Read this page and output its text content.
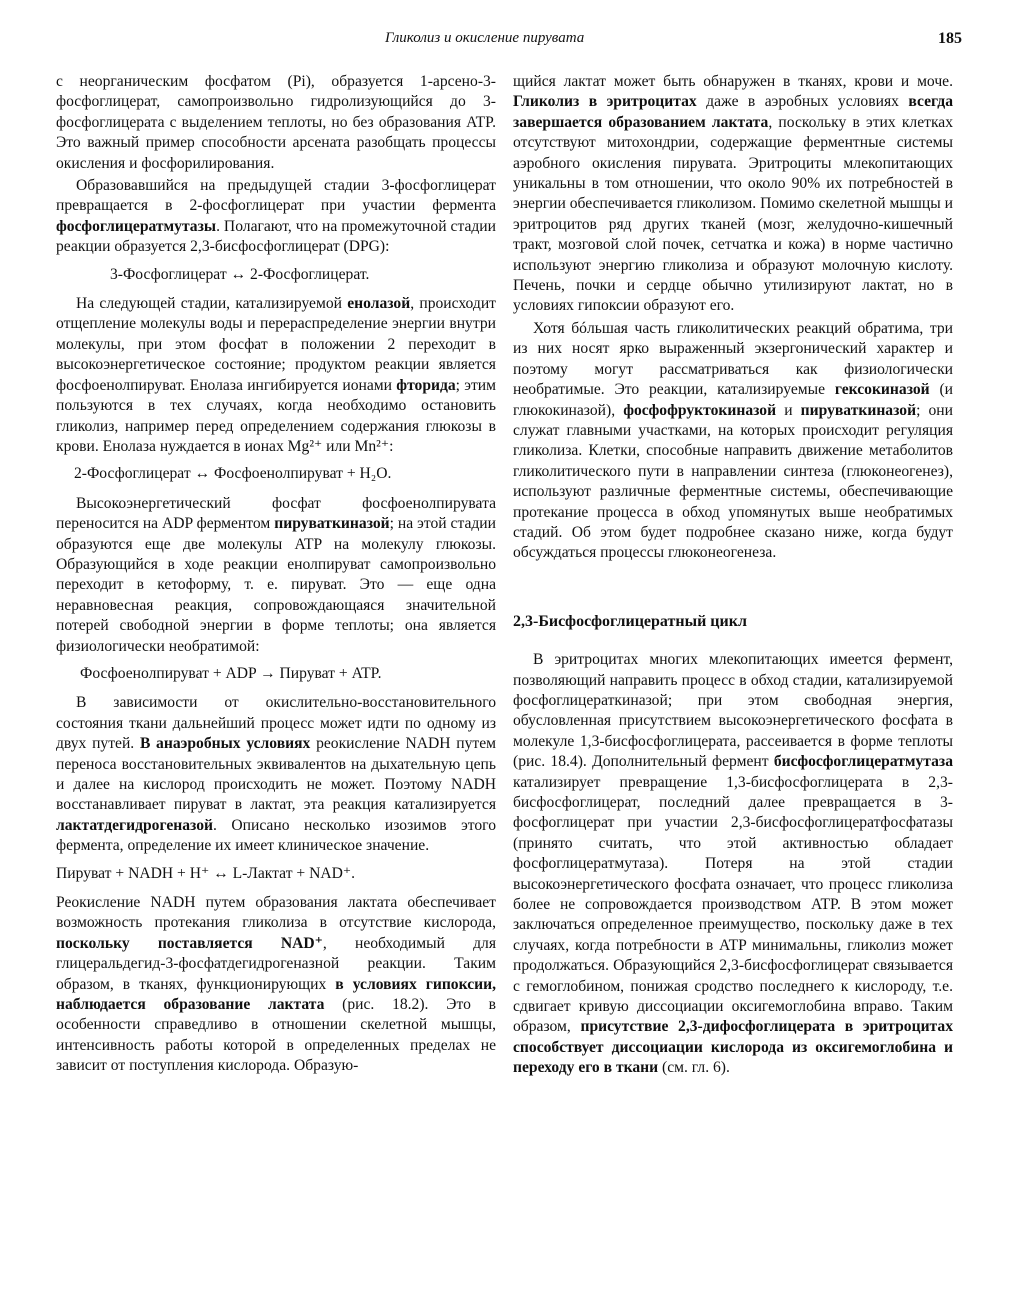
Гликолиз и окисление пирувата	185

с неорганическим фосфатом (Pi), образуется 1-арсено-3-фосфоглицерат, самопроизвольно гидролизующийся до 3-фосфоглицерата с выделением теплоты, но без образования ATP. Это важный пример способности арсената разобщать процессы окисления и фосфорилирования.

Образовавшийся на предыдущей стадии 3-фосфоглицерат превращается в 2-фосфоглицерат при участии фермента фосфоглицератмутазы. Полагают, что на промежуточной стадии реакции образуется 2,3-бисфосфоглицерат (DPG):

3-Фосфоглицерат ↔ 2-Фосфоглицерат.

На следующей стадии, катализируемой енолазой, происходит отщепление молекулы воды и перераспределение энергии внутри молекулы, при этом фосфат в положении 2 переходит в высокоэнергетическое состояние; продуктом реакции является фосфоенолпируват. Енолаза ингибируется ионами фторида; этим пользуются в тех случаях, когда необходимо остановить гликолиз, например перед определением содержания глюкозы в крови. Енолаза нуждается в ионах Mg²⁺ или Mn²⁺:

2-Фосфоглицерат ↔ Фосфоенолпируват + H₂O.

Высокоэнергетический фосфат фосфоенолпирувата переносится на ADP ферментом пируваткиназой; на этой стадии образуются еще две молекулы ATP на молекулу глюкозы. Образующийся в ходе реакции енолпируват самопроизвольно переходит в кетоформу, т. е. пируват. Это — еще одна неравновесная реакция, сопровождающаяся значительной потерей свободной энергии в форме теплоты; она является физиологически необратимой:

Фосфоенолпируват + ADP → Пируват + ATP.

В зависимости от окислительно-восстановительного состояния ткани дальнейший процесс может идти по одному из двух путей. В анаэробных условиях реокисление NADH путем переноса восстановительных эквивалентов на дыхательную цепь и далее на кислород происходить не может. Поэтому NADH восстанавливает пируват в лактат, эта реакция катализируется лактатдегидрогеназой. Описано несколько изозимов этого фермента, определение их имеет клиническое значение.

Пируват + NADH + H⁺ ↔ L-Лактат + NAD⁺.

Реокисление NADH путем образования лактата обеспечивает возможность протекания гликолиза в отсутствие кислорода, поскольку поставляется NAD⁺, необходимый для глицеральдегид-3-фосфатдегидрогеназной реакции. Таким образом, в тканях, функционирующих в условиях гипоксии, наблюдается образование лактата (рис. 18.2). Это в особенности справедливо в отношении скелетной мышцы, интенсивность работы которой в определенных пределах не зависит от поступления кислорода. Образую-

щийся лактат может быть обнаружен в тканях, крови и моче. Гликолиз в эритроцитах даже в аэробных условиях всегда завершается образованием лактата, поскольку в этих клетках отсутствуют митохондрии, содержащие ферментные системы аэробного окисления пирувата. Эритроциты млекопитающих уникальны в том отношении, что около 90% их потребностей в энергии обеспечивается гликолизом. Помимо скелетной мышцы и эритроцитов ряд других тканей (мозг, желудочно-кишечный тракт, мозговой слой почек, сетчатка и кожа) в норме частично используют энергию гликолиза и образуют молочную кислоту. Печень, почки и сердце обычно утилизируют лактат, но в условиях гипоксии образуют его.

Хотя бóльшая часть гликолитических реакций обратима, три из них носят ярко выраженный экзергонический характер и поэтому могут рассматриваться как физиологически необратимые. Это реакции, катализируемые гексокиназой (и глюкокиназой), фосфофруктокиназой и пируваткиназой; они служат главными участками, на которых происходит регуляция гликолиза. Клетки, способные направить движение метаболитов гликолитического пути в направлении синтеза (глюконеогенез), используют различные ферментные системы, обеспечивающие протекание процесса в обход упомянутых выше необратимых стадий. Об этом будет подробнее сказано ниже, когда будут обсуждаться процессы глюконеогенеза.

2,3-Бисфосфоглицератный цикл

В эритроцитах многих млекопитающих имеется фермент, позволяющий направить процесс в обход стадии, катализируемой фосфоглицераткиназой; при этом свободная энергия, обусловленная присутствием высокоэнергетического фосфата в молекуле 1,3-бисфосфоглицерата, рассеивается в форме теплоты (рис. 18.4). Дополнительный фермент бисфосфоглицератмутаза катализирует превращение 1,3-бисфосфоглицерата в 2,3-бисфосфоглицерат, последний далее превращается в 3-фосфоглицерат при участии 2,3-бисфосфоглицератфосфатазы (принято считать, что этой активностью обладает фосфоглицератмутаза). Потеря на этой стадии высокоэнергетического фосфата означает, что процесс гликолиза более не сопровождается производством ATP. В этом может заключаться определенное преимущество, поскольку даже в тех случаях, когда потребности в ATP минимальны, гликолиз может продолжаться. Образующийся 2,3-бисфосфоглицерат связывается с гемоглобином, понижая сродство последнего к кислороду, т.е. сдвигает кривую диссоциации оксигемоглобина вправо. Таким образом, присутствие 2,3-дифосфоглицерата в эритроцитах способствует диссоциации кислорода из оксигемоглобина и переходу его в ткани (см. гл. 6).
